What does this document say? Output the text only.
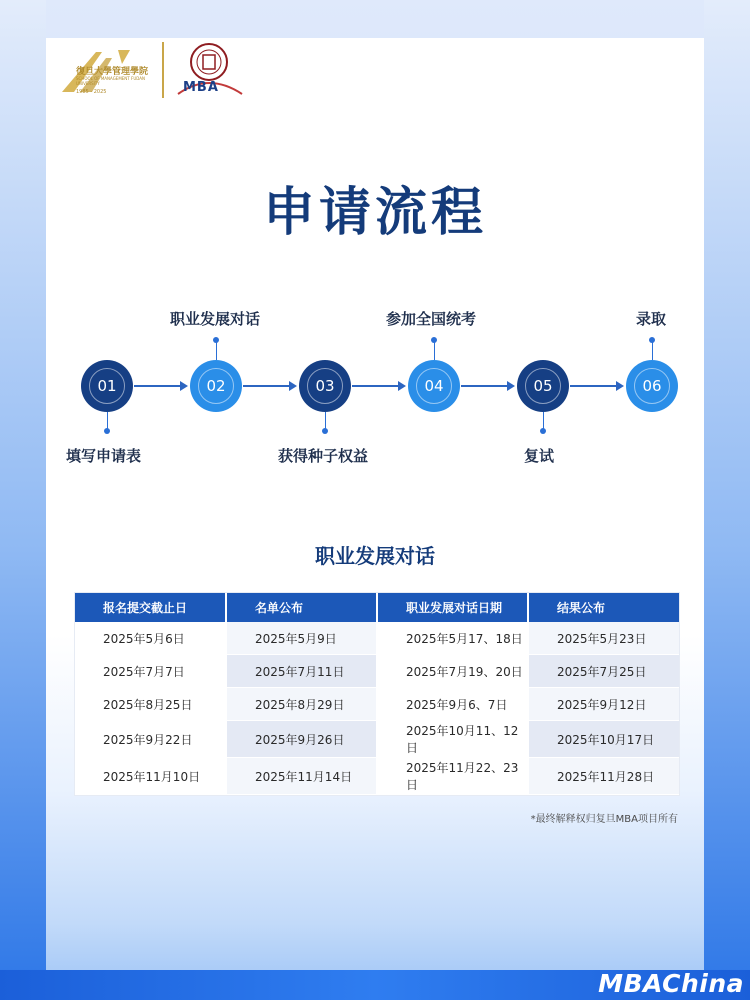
MBAChina
復旦大學管理學院
SCHOOL OF MANAGEMENT FUDAN UNIVERSITY
1985 - 2025	MBA
申请流程
01
填写申请表
02
职业发展对话
03
获得种子权益
04
参加全国统考
05
复试
06
录取
职业发展对话
报名提交截止日	名单公布	职业发展对话日期	结果公布
2025年5月6日	2025年5月9日	2025年5月17、18日	2025年5月23日
2025年7月7日	2025年7月11日	2025年7月19、20日	2025年7月25日
2025年8月25日	2025年8月29日	2025年9月6、7日	2025年9月12日
2025年9月22日	2025年9月26日	2025年10月11、12日	2025年10月17日
2025年11月10日	2025年11月14日	2025年11月22、23日	2025年11月28日
*最终解释权归复旦MBA项目所有
